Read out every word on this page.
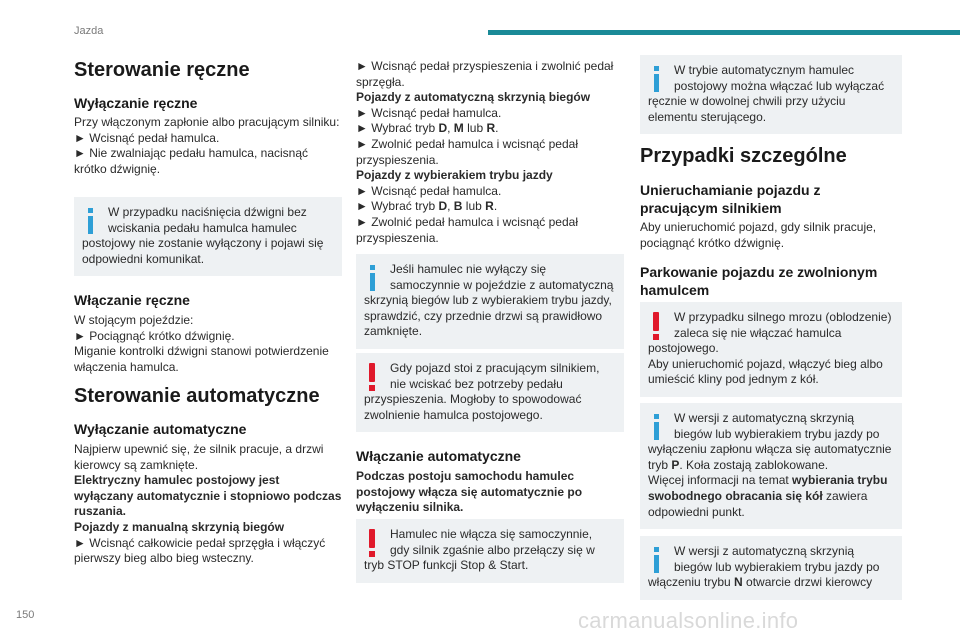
Jazda
150	carmanualsonline.info
Sterowanie ręczne
Wyłączanie ręczne

Przy włączonym zapłonie albo pracującym silniku:

► Wcisnąć pedał hamulca.

► Nie zwalniając pedału hamulca, nacisnąć krótko dźwignię.

W przypadku naciśnięcia dźwigni bez wciskania pedału hamulca hamulec postojowy nie zostanie wyłączony i pojawi się odpowiedni komunikat.
Włączanie ręczne

W stojącym pojeździe:

► Pociągnąć krótko dźwignię.

Miganie kontrolki dźwigni stanowi potwierdzenie włączenia hamulca.

Sterowanie automatyczne
Wyłączanie automatyczne

Najpierw upewnić się, że silnik pracuje, a drzwi kierowcy są zamknięte.

Elektryczny hamulec postojowy jest wyłączany automatycznie i stopniowo podczas ruszania.

Pojazdy z manualną skrzynią biegów

► Wcisnąć całkowicie pedał sprzęgła i włączyć pierwszy bieg albo bieg wsteczny.

► Wcisnąć pedał przyspieszenia i zwolnić pedał sprzęgła.

Pojazdy z automatyczną skrzynią biegów

► Wcisnąć pedał hamulca.

► Wybrać tryb D, M lub R.

► Zwolnić pedał hamulca i wcisnąć pedał przyspieszenia.

Pojazdy z wybierakiem trybu jazdy

► Wcisnąć pedał hamulca.

► Wybrać tryb D, B lub R.

► Zwolnić pedał hamulca i wcisnąć pedał przyspieszenia.

Jeśli hamulec nie wyłączy się samoczynnie w pojeździe z automatyczną skrzynią biegów lub z wybierakiem trybu jazdy, sprawdzić, czy przednie drzwi są prawidłowo zamknięte.
Gdy pojazd stoi z pracującym silnikiem, nie wciskać bez potrzeby pedału przyspieszenia. Mogłoby to spowodować zwolnienie hamulca postojowego.
Włączanie automatyczne

Podczas postoju samochodu hamulec postojowy włącza się automatycznie po wyłączeniu silnika.

Hamulec nie włącza się samoczynnie, gdy silnik zgaśnie albo przełączy się w tryb STOP funkcji Stop & Start.
W trybie automatycznym hamulec postojowy można włączać lub wyłączać ręcznie w dowolnej chwili przy użyciu elementu sterującego.
Przypadki szczególne
Unieruchamianie pojazdu z pracującym silnikiem

Aby unieruchomić pojazd, gdy silnik pracuje, pociągnąć krótko dźwignię.

Parkowanie pojazdu ze zwolnionym hamulcem
W przypadku silnego mrozu (oblodzenie) zaleca się nie włączać hamulca postojowego.
Aby unieruchomić pojazd, włączyć bieg albo umieścić kliny pod jednym z kół.
W wersji z automatyczną skrzynią biegów lub wybierakiem trybu jazdy po wyłączeniu zapłonu włącza się automatycznie tryb P. Koła zostają zablokowane.
Więcej informacji na temat wybierania trybu swobodnego obracania się kół zawiera odpowiedni punkt.
W wersji z automatyczną skrzynią biegów lub wybierakiem trybu jazdy po włączeniu trybu N otwarcie drzwi kierowcy
